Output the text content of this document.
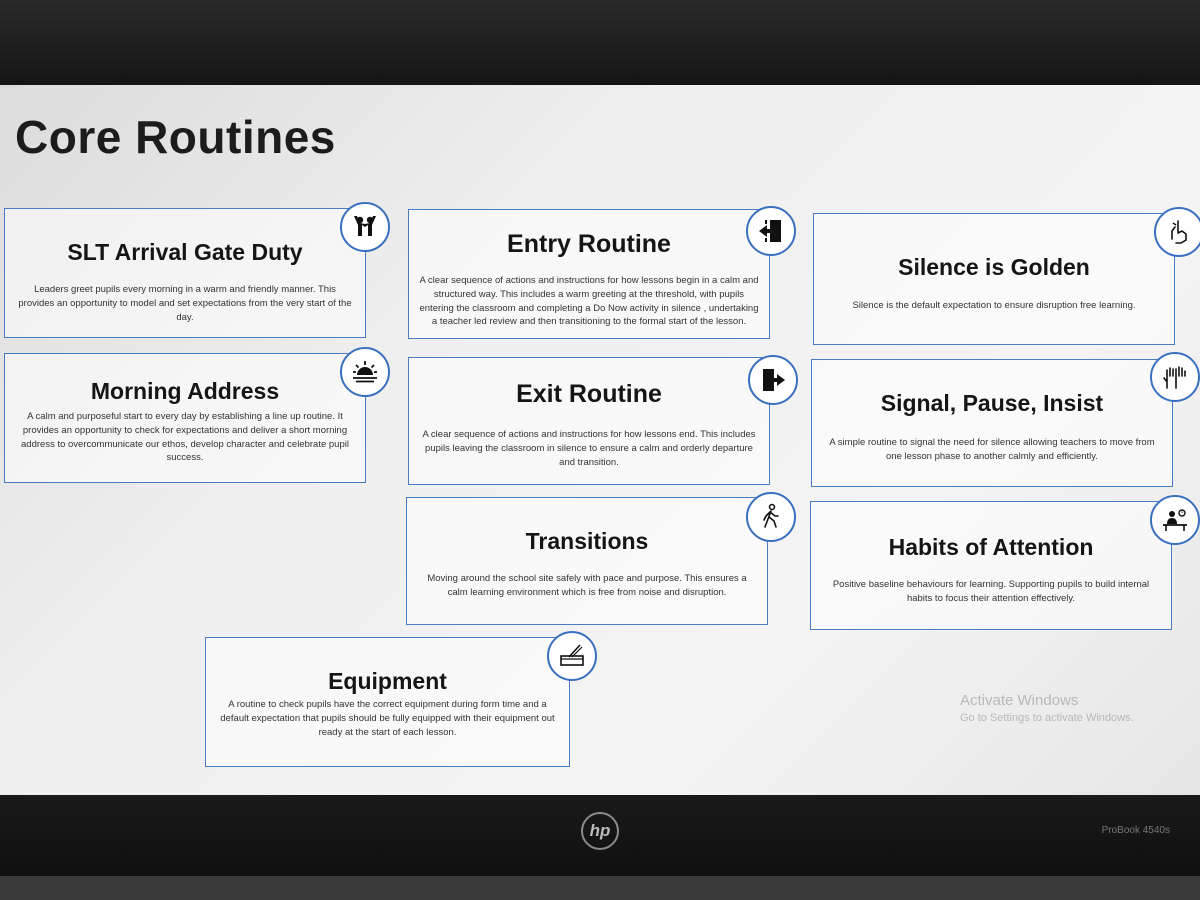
Core Routines
SLT Arrival Gate Duty
Leaders greet pupils every morning in a warm and friendly manner. This provides an opportunity to model and set expectations from the very start of the day.
Morning Address
A calm and purposeful start to every day by establishing a line up routine. It provides an opportunity to check for expectations and deliver a short morning address to overcommunicate our ethos, develop character and celebrate pupil success.
Entry Routine
A clear sequence of actions and instructions for how lessons begin in a calm and structured way. This includes a warm greeting at the threshold, with pupils entering the classroom and completing a Do Now activity in silence , undertaking a teacher led review and then transitioning to the formal start of the lesson.
Exit Routine
A clear sequence of actions and instructions for how lessons end. This includes pupils leaving the classroom in silence to ensure a calm and orderly departure and transition.
Transitions
Moving around the school site safely with pace and purpose. This ensures a calm learning environment which is free from noise and disruption.
Equipment
A routine to check pupils have the correct equipment during form time and a default expectation that pupils should be fully equipped with their equipment out ready at the start of each lesson.
Silence is Golden
Silence is the default expectation to ensure disruption free learning.
Signal, Pause, Insist
A simple routine to signal the need for silence allowing teachers to move from one lesson phase to another calmly and efficiently.
Habits of Attention
Positive baseline behaviours for learning. Supporting pupils to build internal habits to focus their attention effectively.
Activate Windows
Go to Settings to activate Windows.
hp	ProBook 4540s
